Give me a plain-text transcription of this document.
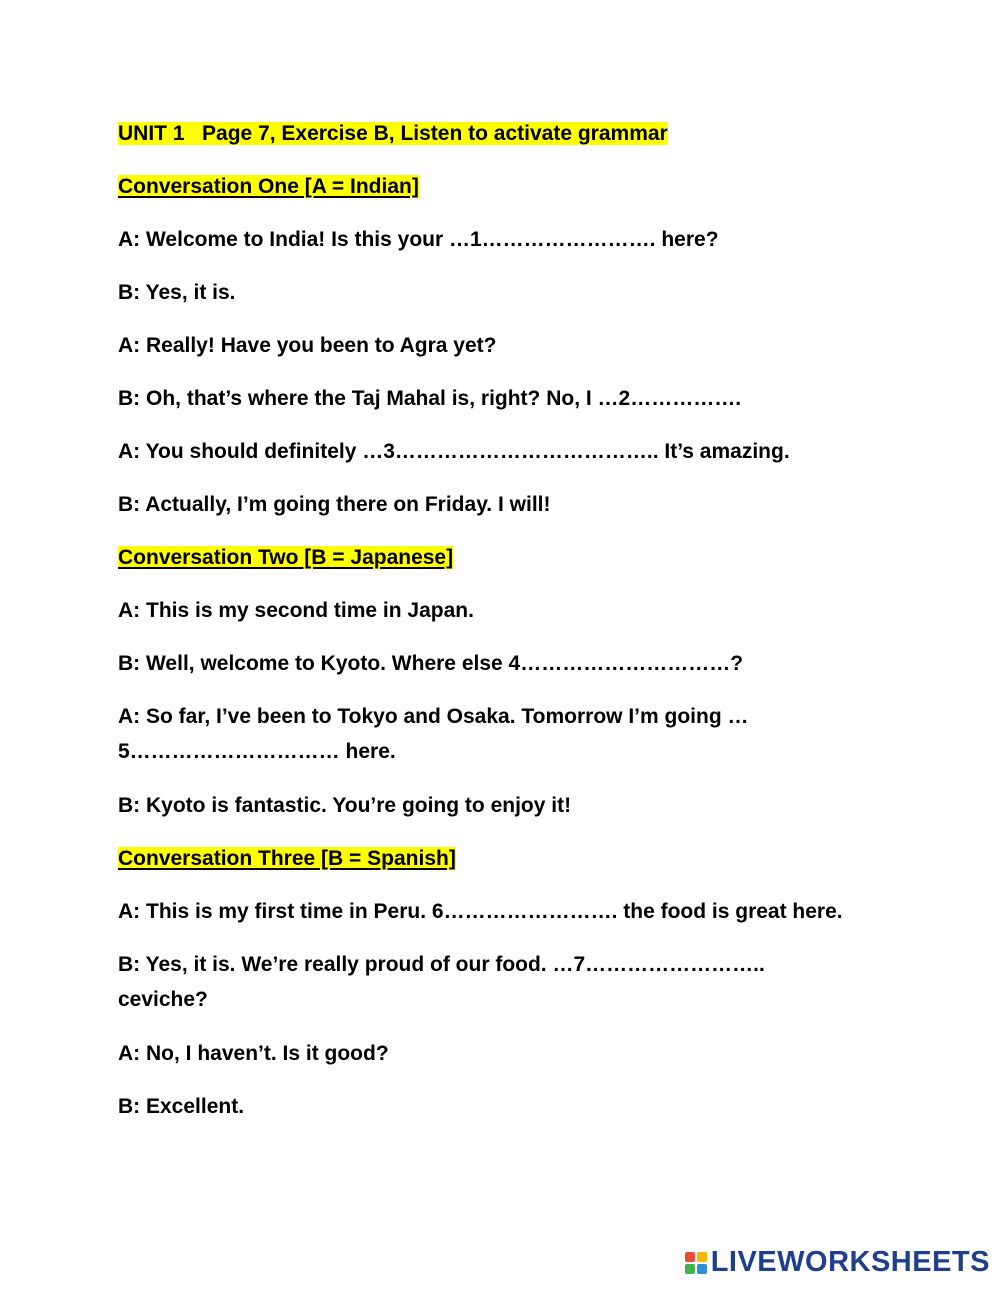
UNIT 1   Page 7, Exercise B, Listen to activate grammar
Conversation One [A = Indian]
A: Welcome to India! Is this your …1……………………. here?
B: Yes, it is.
A: Really! Have you been to Agra yet?
B: Oh, that’s where the Taj Mahal is, right? No, I …2…………….
A: You should definitely …3……………………………….. It’s amazing.
B: Actually, I’m going there on Friday. I will!
Conversation Two [B = Japanese]
A: This is my second time in Japan.
B: Well, welcome to Kyoto. Where else 4…………………………?
A: So far, I’ve been to Tokyo and Osaka. Tomorrow I’m going …5………………………… here.
B: Kyoto is fantastic. You’re going to enjoy it!
Conversation Three [B = Spanish]
A: This is my first time in Peru. 6……………………. the food is great here.
B: Yes, it is. We’re really proud of our food. …7…………………….. ceviche?
A: No, I haven’t. Is it good?
B: Excellent.
LIVEWORKSHEETS
